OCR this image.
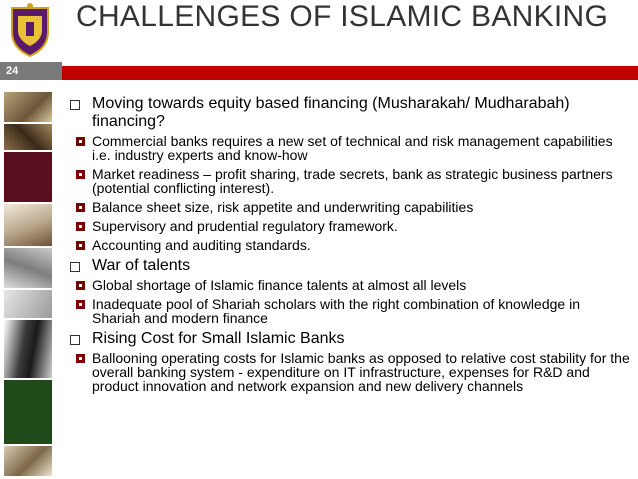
24
CHALLENGES OF ISLAMIC BANKING
Moving towards equity based financing (Musharakah/ Mudharabah) financing?
Commercial banks requires a new set of technical and risk management capabilities i.e. industry experts and know-how
Market readiness – profit sharing, trade secrets, bank as strategic business partners (potential conflicting interest).
Balance sheet size, risk appetite and underwriting capabilities
Supervisory and prudential regulatory framework.
Accounting and auditing standards.
War of talents
Global shortage of Islamic finance talents at almost all levels
Inadequate pool of Shariah scholars with the right combination of knowledge in Shariah and modern finance
Rising Cost for Small Islamic Banks
Ballooning operating costs for Islamic banks as opposed to relative cost stability for the overall banking system - expenditure on IT infrastructure, expenses for R&D and product innovation and network expansion and new delivery channels
